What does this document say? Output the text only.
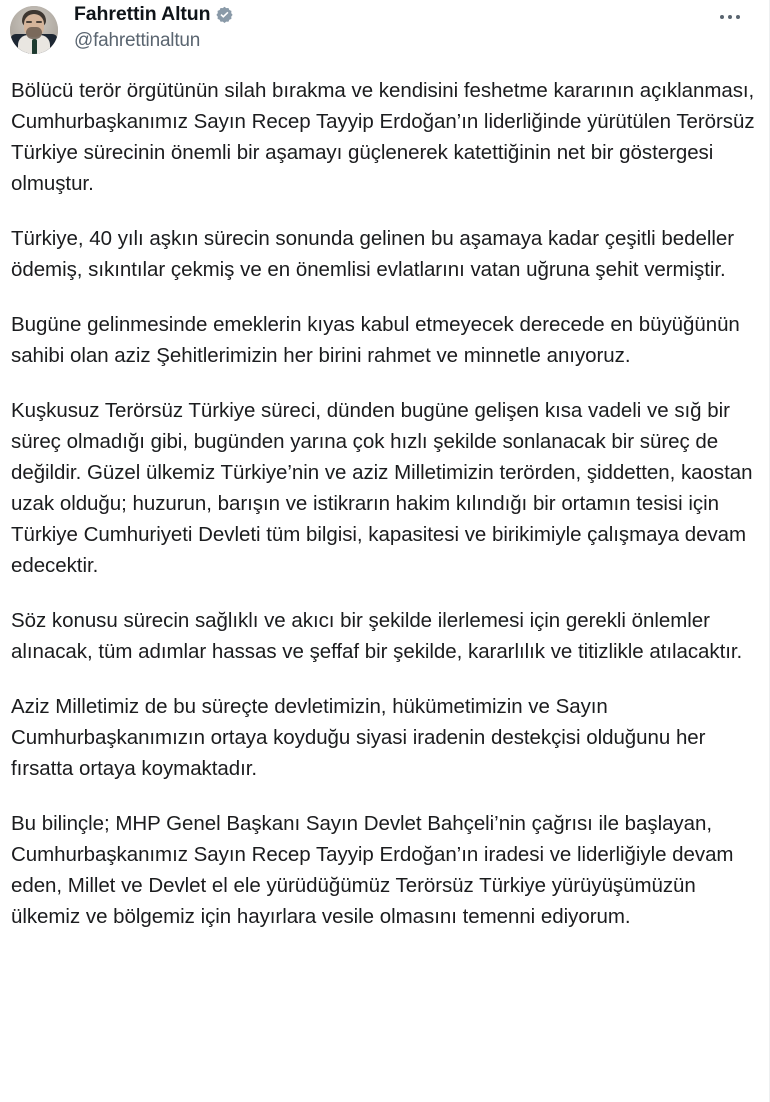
Fahrettin Altun
@fahrettinaltun

Bölücü terör örgütünün silah bırakma ve kendisini feshetme kararının açıklanması, Cumhurbaşkanımız Sayın Recep Tayyip Erdoğan’ın liderliğinde yürütülen Terörsüz Türkiye sürecinin önemli bir aşamayı güçlenerek katettiğinin net bir göstergesi olmuştur.

Türkiye, 40 yılı aşkın sürecin sonunda gelinen bu aşamaya kadar çeşitli bedeller ödemiş, sıkıntılar çekmiş ve en önemlisi evlatlarını vatan uğruna şehit vermiştir.

Bugüne gelinmesinde emeklerin kıyas kabul etmeyecek derecede en büyüğünün sahibi olan aziz Şehitlerimizin her birini rahmet ve minnetle anıyoruz.

Kuşkusuz Terörsüz Türkiye süreci, dünden bugüne gelişen kısa vadeli ve sığ bir süreç olmadığı gibi, bugünden yarına çok hızlı şekilde sonlanacak bir süreç de değildir. Güzel ülkemiz Türkiye’nin ve aziz Milletimizin terörden, şiddetten, kaostan uzak olduğu; huzurun, barışın ve istikrarın hakim kılındığı bir ortamın tesisi için Türkiye Cumhuriyeti Devleti tüm bilgisi, kapasitesi ve birikimiyle çalışmaya devam edecektir.

Söz konusu sürecin sağlıklı ve akıcı bir şekilde ilerlemesi için gerekli önlemler alınacak, tüm adımlar hassas ve şeffaf bir şekilde, kararlılık ve titizlikle atılacaktır.

Aziz Milletimiz de bu süreçte devletimizin, hükümetimizin ve Sayın Cumhurbaşkanımızın ortaya koyduğu siyasi iradenin destekçisi olduğunu her fırsatta ortaya koymaktadır.

Bu bilinçle; MHP Genel Başkanı Sayın Devlet Bahçeli’nin çağrısı ile başlayan, Cumhurbaşkanımız Sayın Recep Tayyip Erdoğan’ın iradesi ve liderliğiyle devam eden, Millet ve Devlet el ele yürüdüğümüz Terörsüz Türkiye yürüyüşümüzün ülkemiz ve bölgemiz için hayırlara vesile olmasını temenni ediyorum.
